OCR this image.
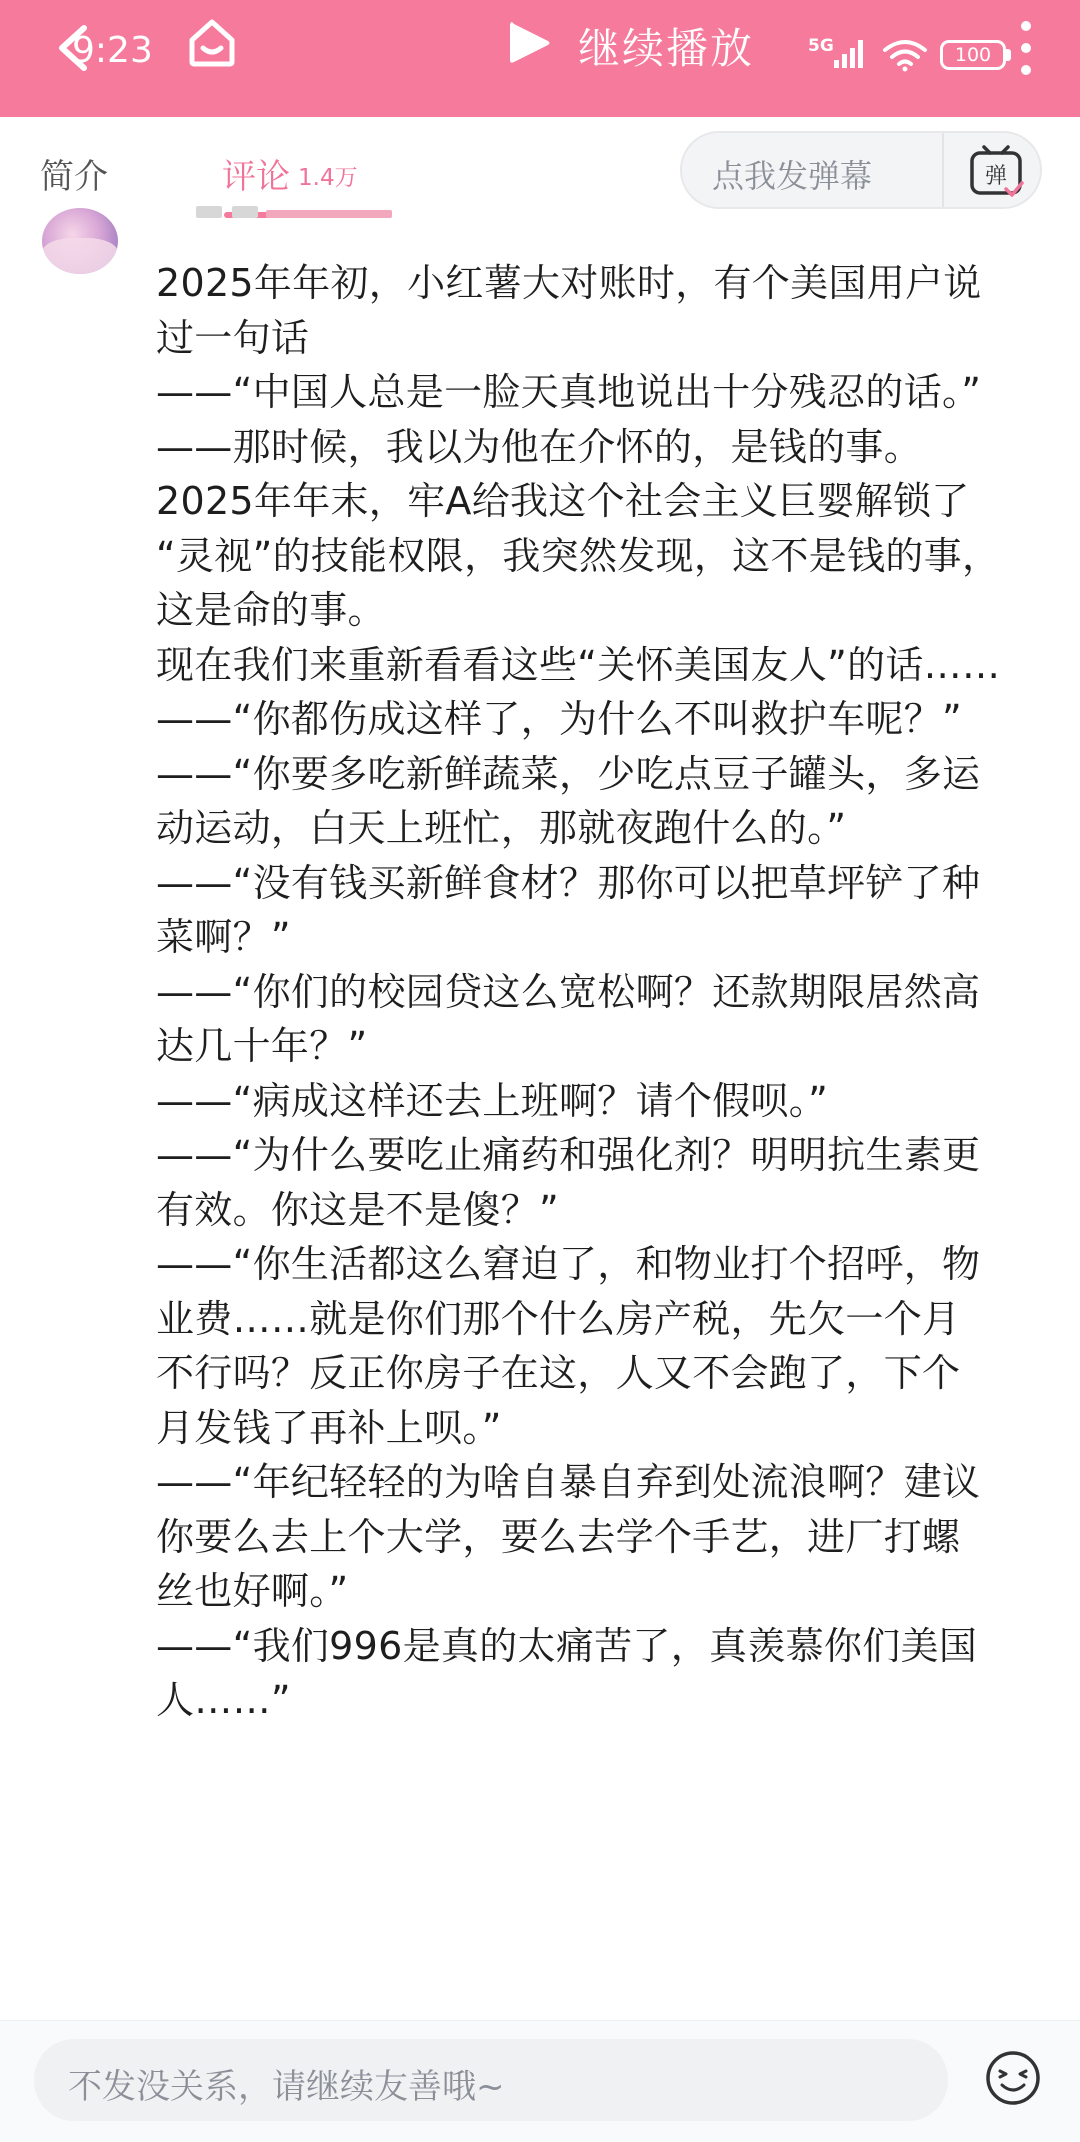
9:23	继续播放	5G	100
简介	评论 1.4万	点我发弹幕	弹
2025年年初，小红薯大对账时，有个美国用户说
过一句话
——“中国人总是一脸天真地说出十分残忍的话。”
——那时候，我以为他在介怀的，是钱的事。
2025年年末，牢A给我这个社会主义巨婴解锁了
“灵视”的技能权限，我突然发现，这不是钱的事，
这是命的事。
现在我们来重新看看这些“关怀美国友人”的话……
——“你都伤成这样了，为什么不叫救护车呢？”
——“你要多吃新鲜蔬菜，少吃点豆子罐头，多运
动运动，白天上班忙，那就夜跑什么的。”
——“没有钱买新鲜食材？那你可以把草坪铲了种
菜啊？”
——“你们的校园贷这么宽松啊？还款期限居然高
达几十年？”
——“病成这样还去上班啊？请个假呗。”
——“为什么要吃止痛药和强化剂？明明抗生素更
有效。你这是不是傻？”
——“你生活都这么窘迫了，和物业打个招呼，物
业费……就是你们那个什么房产税，先欠一个月
不行吗？反正你房子在这，人又不会跑了，下个
月发钱了再补上呗。”
——“年纪轻轻的为啥自暴自弃到处流浪啊？建议
你要么去上个大学，要么去学个手艺，进厂打螺
丝也好啊。”
——“我们996是真的太痛苦了，真羡慕你们美国
人……”
不发没关系，请继续友善哦~
